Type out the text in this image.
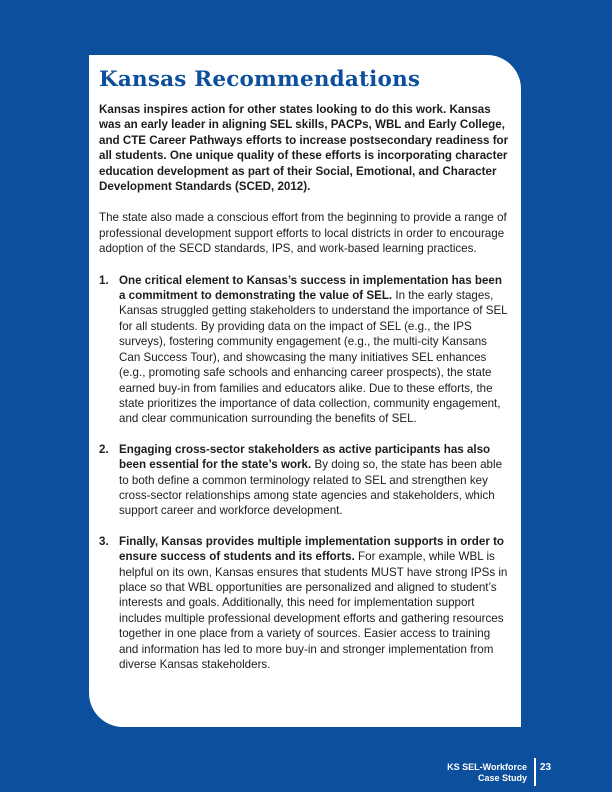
Kansas Recommendations

Kansas inspires action for other states looking to do this work. Kansas was an early leader in aligning SEL skills, PACPs, WBL and Early College, and CTE Career Pathways efforts to increase postsecondary readiness for all students. One unique quality of these efforts is incorporating character education development as part of their Social, Emotional, and Character Development Standards (SCED, 2012).

The state also made a conscious effort from the beginning to provide a range of professional development support efforts to local districts in order to encourage adoption of the SECD standards, IPS, and work-based learning practices.

1. One critical element to Kansas’s success in implementation has been a commitment to demonstrating the value of SEL. In the early stages, Kansas struggled getting stakeholders to understand the importance of SEL for all students. By providing data on the impact of SEL (e.g., the IPS surveys), fostering community engagement (e.g., the multi-city Kansans Can Success Tour), and showcasing the many initiatives SEL enhances (e.g., promoting safe schools and enhancing career prospects), the state earned buy-in from families and educators alike. Due to these efforts, the state prioritizes the importance of data collection, community engagement, and clear communication surrounding the benefits of SEL.
2. Engaging cross-sector stakeholders as active participants has also been essential for the state’s work. By doing so, the state has been able to both define a common terminology related to SEL and strengthen key cross-sector relationships among state agencies and stakeholders, which support career and workforce development.
3. Finally, Kansas provides multiple implementation supports in order to ensure success of students and its efforts. For example, while WBL is helpful on its own, Kansas ensures that students MUST have strong IPSs in place so that WBL opportunities are personalized and aligned to student’s interests and goals. Additionally, this need for implementation support includes multiple professional development efforts and gathering resources together in one place from a variety of sources. Easier access to training and information has led to more buy-in and stronger implementation from diverse Kansas stakeholders.
KS SEL-Workforce
Case Study
23
